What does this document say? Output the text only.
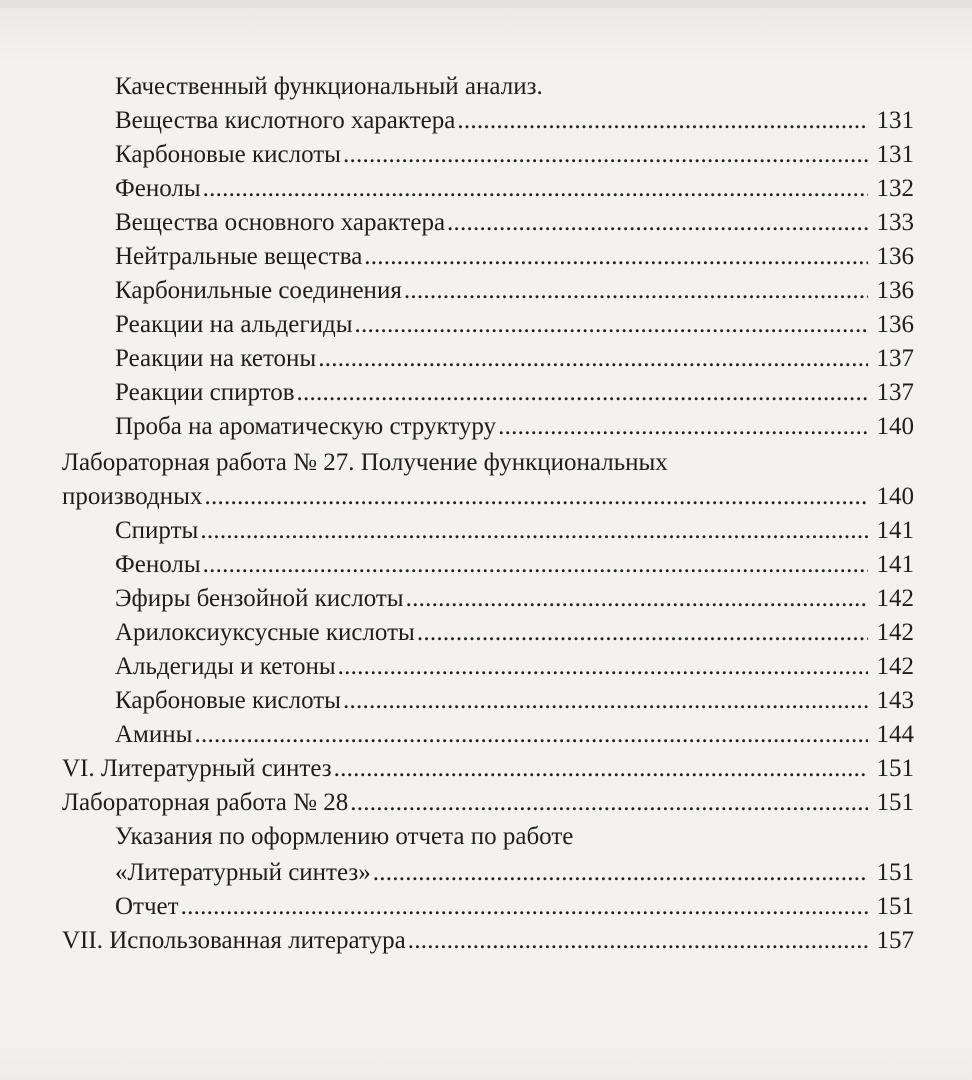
Качественный функциональный анализ.
Вещества кислотного характера . . .	131
Карбоновые кислоты . . .	131
Фенолы . . .	132
Вещества основного характера . . .	133
Нейтральные вещества . . .	136
Карбонильные соединения . . .	136
Реакции на альдегиды . . .	136
Реакции на кетоны . . .	137
Реакции спиртов . . .	137
Проба на ароматическую структуру . . .	140
Лабораторная работа № 27. Получение функциональных
производных . . .	140
Спирты . . .	141
Фенолы . . .	141
Эфиры бензойной кислоты . . .	142
Арилоксиуксусные кислоты . . .	142
Альдегиды и кетоны . . .	142
Карбоновые кислоты . . .	143
Амины . . .	144
VI. Литературный синтез . . .	151
Лабораторная работа № 28 . . .	151
Указания по оформлению отчета по работе
«Литературный синтез» . . .	151
Отчет . . .	151
VII. Использованная литература . . .	157
